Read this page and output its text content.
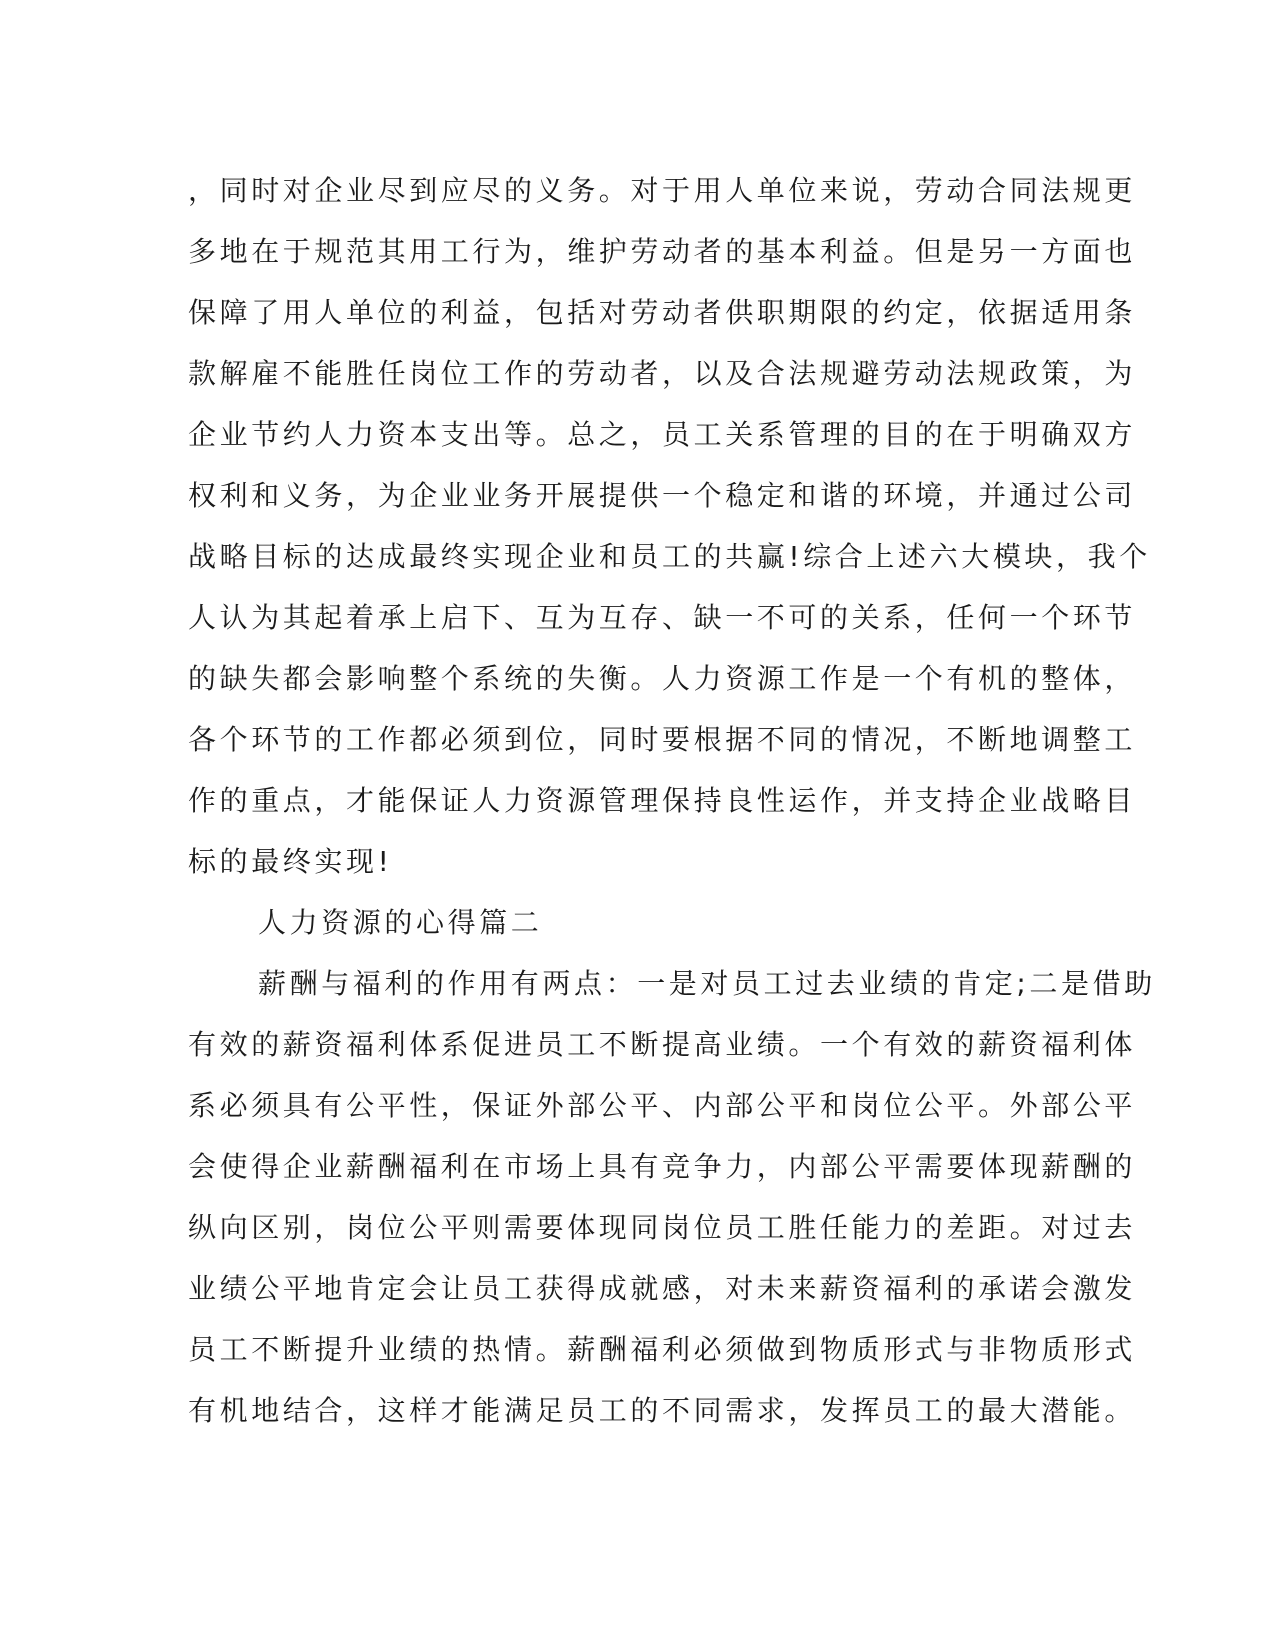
，同时对企业尽到应尽的义务。对于用人单位来说，劳动合同法规更
多地在于规范其用工行为，维护劳动者的基本利益。但是另一方面也
保障了用人单位的利益，包括对劳动者供职期限的约定，依据适用条
款解雇不能胜任岗位工作的劳动者，以及合法规避劳动法规政策，为
企业节约人力资本支出等。总之，员工关系管理的目的在于明确双方
权利和义务，为企业业务开展提供一个稳定和谐的环境，并通过公司
战略目标的达成最终实现企业和员工的共赢!综合上述六大模块，我个
人认为其起着承上启下、互为互存、缺一不可的关系，任何一个环节
的缺失都会影响整个系统的失衡。人力资源工作是一个有机的整体，
各个环节的工作都必须到位，同时要根据不同的情况，不断地调整工
作的重点，才能保证人力资源管理保持良性运作，并支持企业战略目
标的最终实现!
人力资源的心得篇二
薪酬与福利的作用有两点：一是对员工过去业绩的肯定;二是借助
有效的薪资福利体系促进员工不断提高业绩。一个有效的薪资福利体
系必须具有公平性，保证外部公平、内部公平和岗位公平。外部公平
会使得企业薪酬福利在市场上具有竞争力，内部公平需要体现薪酬的
纵向区别，岗位公平则需要体现同岗位员工胜任能力的差距。对过去
业绩公平地肯定会让员工获得成就感，对未来薪资福利的承诺会激发
员工不断提升业绩的热情。薪酬福利必须做到物质形式与非物质形式
有机地结合，这样才能满足员工的不同需求，发挥员工的最大潜能。
